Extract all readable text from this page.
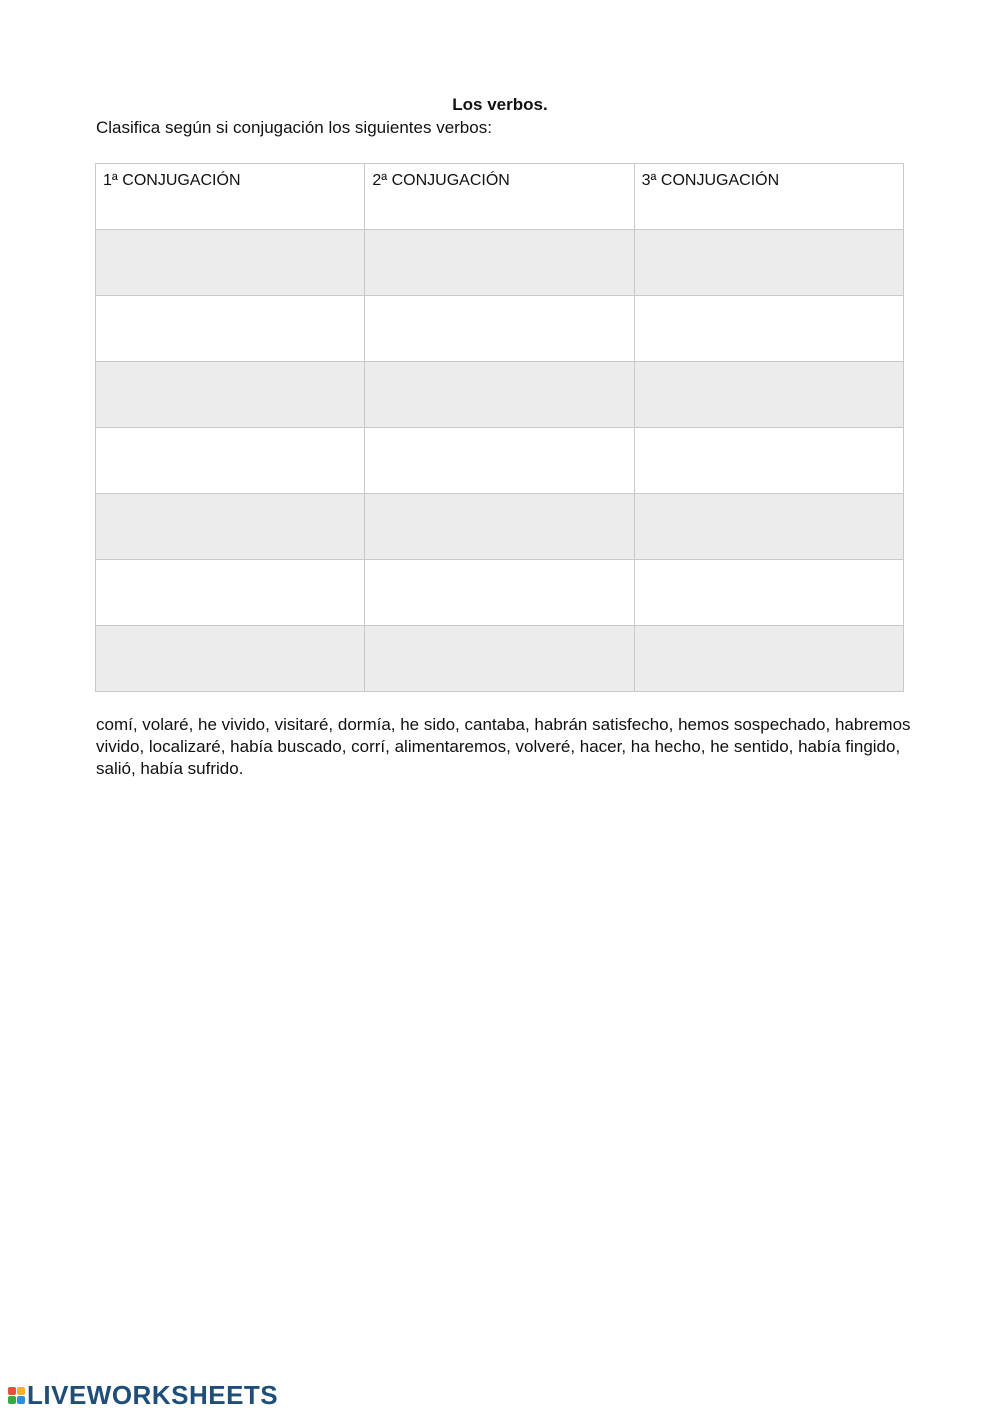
Los verbos.
Clasifica según si conjugación los siguientes verbos:
1ª CONJUGACIÓN	2ª CONJUGACIÓN	3ª CONJUGACIÓN

comí, volaré, he vivido, visitaré, dormía, he sido, cantaba, habrán satisfecho, hemos sospechado, habremos vivido, localizaré, había buscado, corrí, alimentaremos, volveré, hacer, ha hecho, he sentido, había fingido, salió, había sufrido.
LIVEWORKSHEETS
